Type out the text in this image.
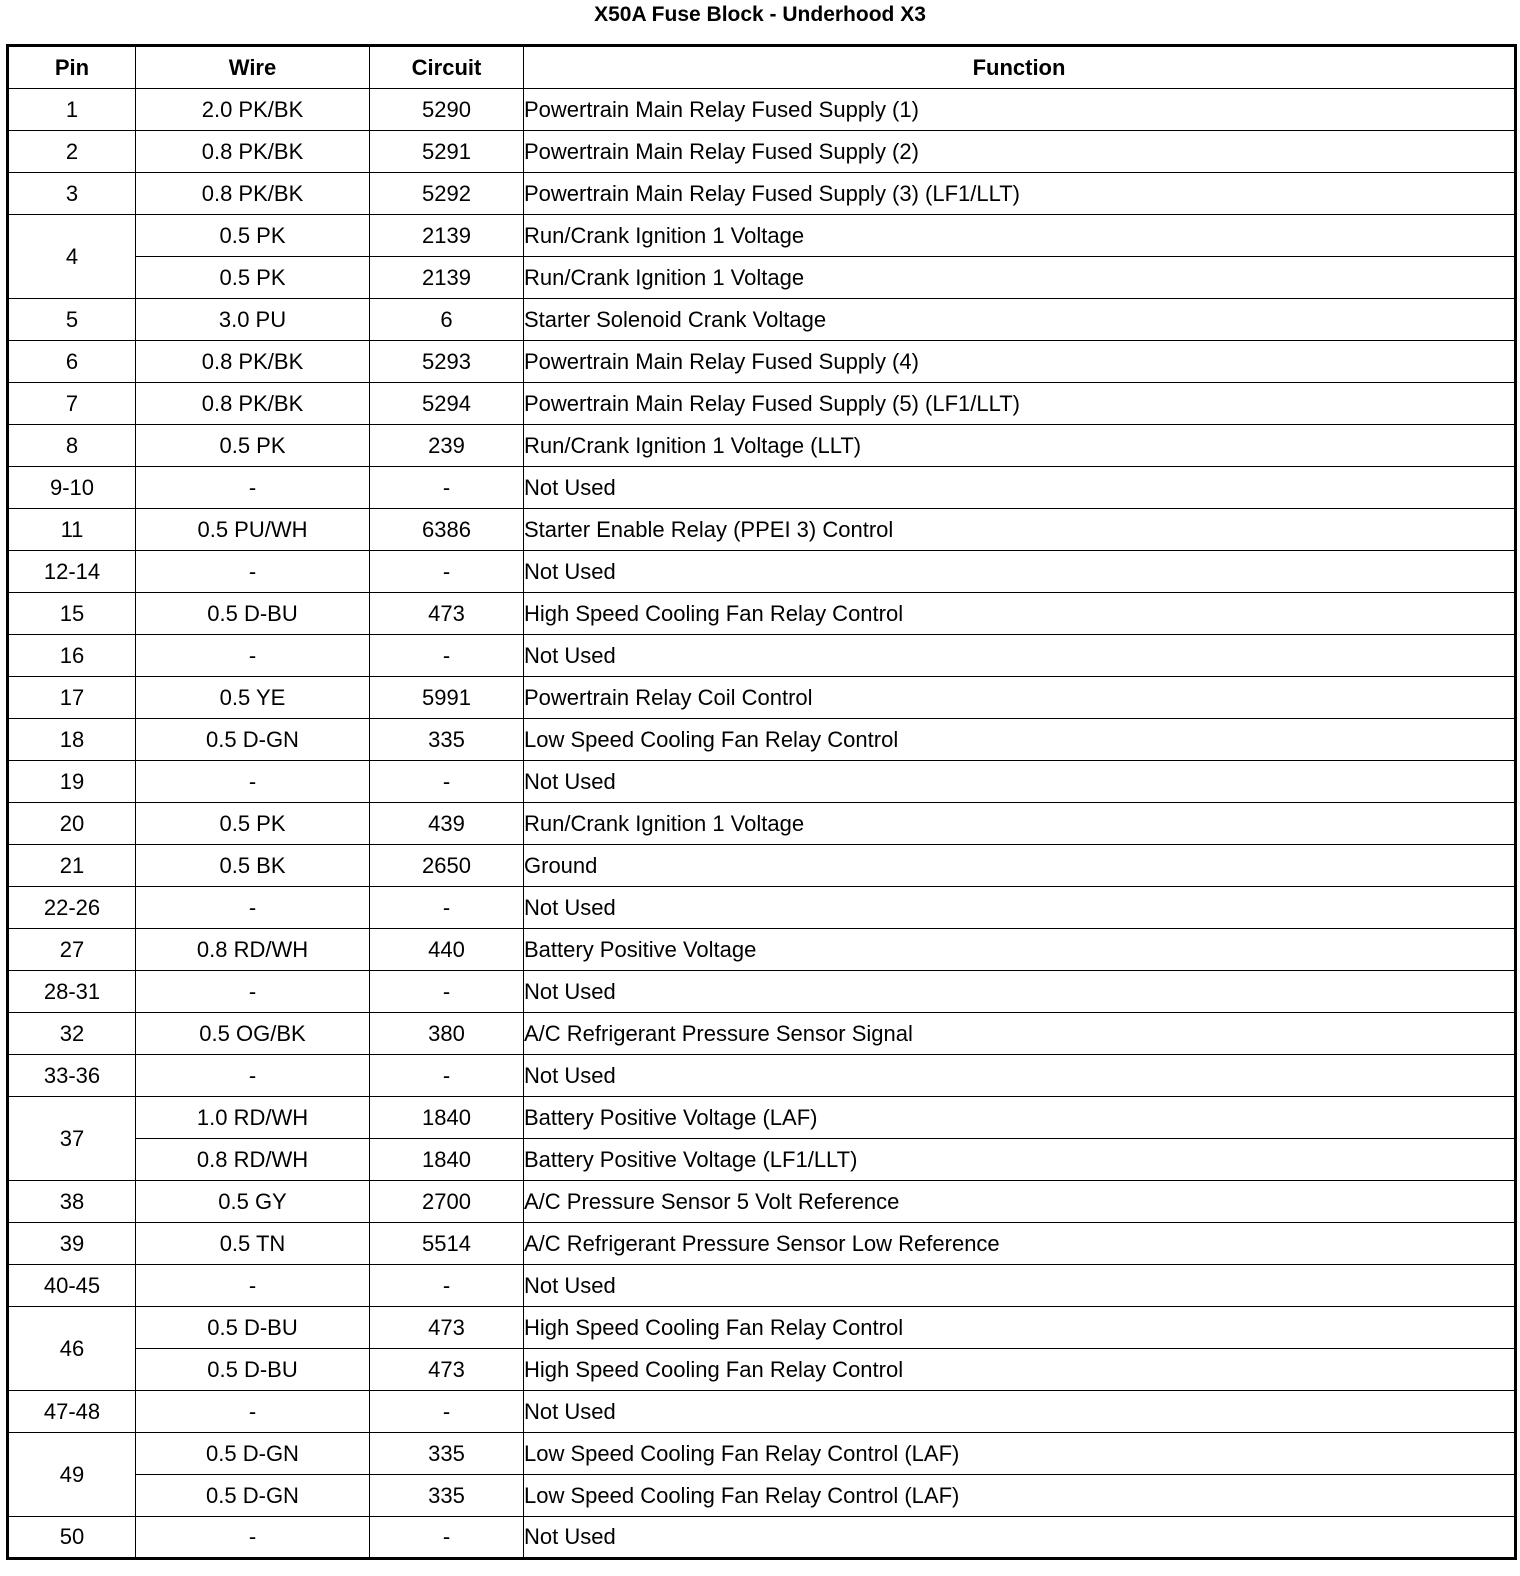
X50A Fuse Block - Underhood X3
Pin	Wire	Circuit	Function
1	2.0 PK/BK	5290	Powertrain Main Relay Fused Supply (1)
2	0.8 PK/BK	5291	Powertrain Main Relay Fused Supply (2)
3	0.8 PK/BK	5292	Powertrain Main Relay Fused Supply (3) (LF1/LLT)
4	0.5 PK	2139	Run/Crank Ignition 1 Voltage
	0.5 PK	2139	Run/Crank Ignition 1 Voltage
5	3.0 PU	6	Starter Solenoid Crank Voltage
6	0.8 PK/BK	5293	Powertrain Main Relay Fused Supply (4)
7	0.8 PK/BK	5294	Powertrain Main Relay Fused Supply (5) (LF1/LLT)
8	0.5 PK	239	Run/Crank Ignition 1 Voltage (LLT)
9-10	-	-	Not Used
11	0.5 PU/WH	6386	Starter Enable Relay (PPEI 3) Control
12-14	-	-	Not Used
15	0.5 D-BU	473	High Speed Cooling Fan Relay Control
16	-	-	Not Used
17	0.5 YE	5991	Powertrain Relay Coil Control
18	0.5 D-GN	335	Low Speed Cooling Fan Relay Control
19	-	-	Not Used
20	0.5 PK	439	Run/Crank Ignition 1 Voltage
21	0.5 BK	2650	Ground
22-26	-	-	Not Used
27	0.8 RD/WH	440	Battery Positive Voltage
28-31	-	-	Not Used
32	0.5 OG/BK	380	A/C Refrigerant Pressure Sensor Signal
33-36	-	-	Not Used
37	1.0 RD/WH	1840	Battery Positive Voltage (LAF)
	0.8 RD/WH	1840	Battery Positive Voltage (LF1/LLT)
38	0.5 GY	2700	A/C Pressure Sensor 5 Volt Reference
39	0.5 TN	5514	A/C Refrigerant Pressure Sensor Low Reference
40-45	-	-	Not Used
46	0.5 D-BU	473	High Speed Cooling Fan Relay Control
	0.5 D-BU	473	High Speed Cooling Fan Relay Control
47-48	-	-	Not Used
49	0.5 D-GN	335	Low Speed Cooling Fan Relay Control (LAF)
	0.5 D-GN	335	Low Speed Cooling Fan Relay Control (LAF)
50	-	-	Not Used
